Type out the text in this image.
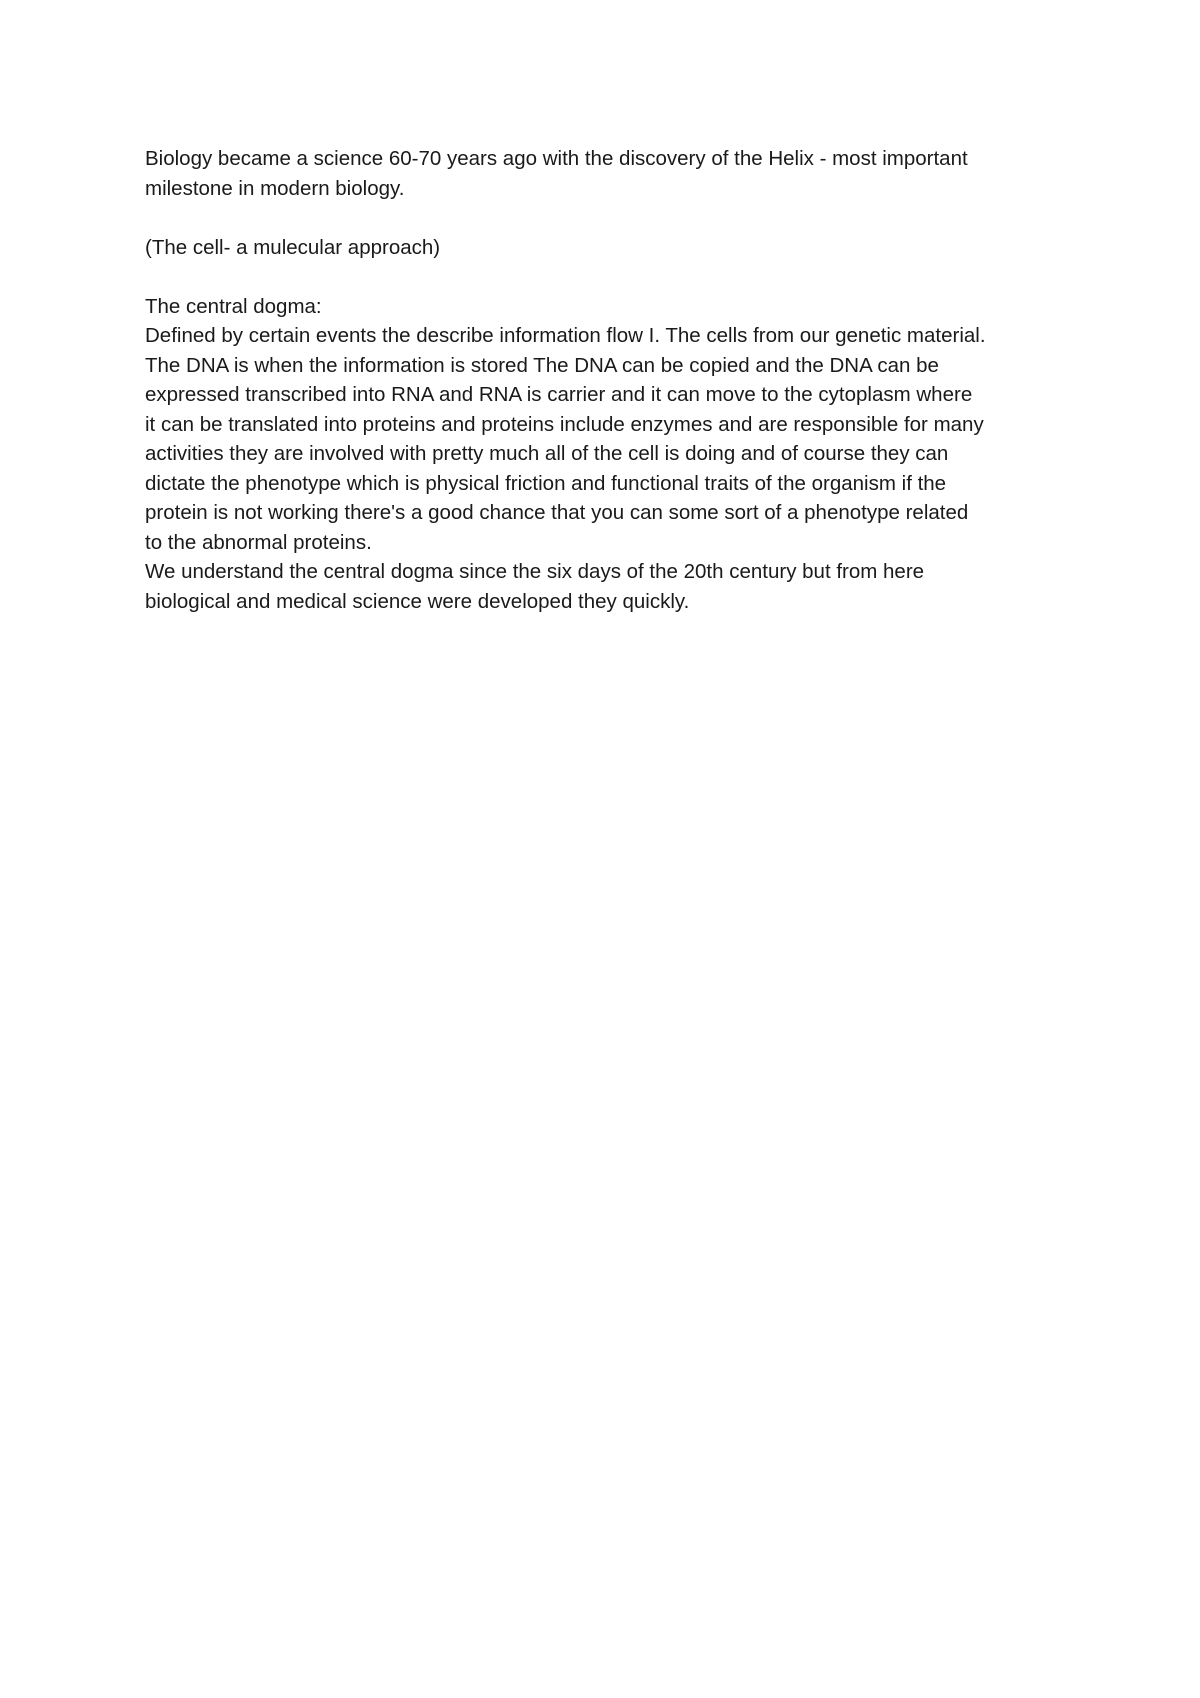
Biology became a science 60-70 years ago with the discovery of the Helix - most important

milestone in modern biology.

(The cell- a mulecular approach)

The central dogma:

Defined by certain events the describe information flow I. The cells from our genetic material.

The DNA is when the information is stored The DNA can be copied and the DNA can be

expressed transcribed into RNA and RNA is carrier and it can move to the cytoplasm where

it can be translated into proteins and proteins include enzymes and are responsible for many

activities they are involved with pretty much all of the cell is doing and of course they can

dictate the phenotype which is physical friction and functional traits of the organism if the

protein is not working there's a good chance that you can some sort of a phenotype related

to the abnormal proteins.

We understand the central dogma since the six days of the 20th century but from here

biological and medical science were developed they quickly.
